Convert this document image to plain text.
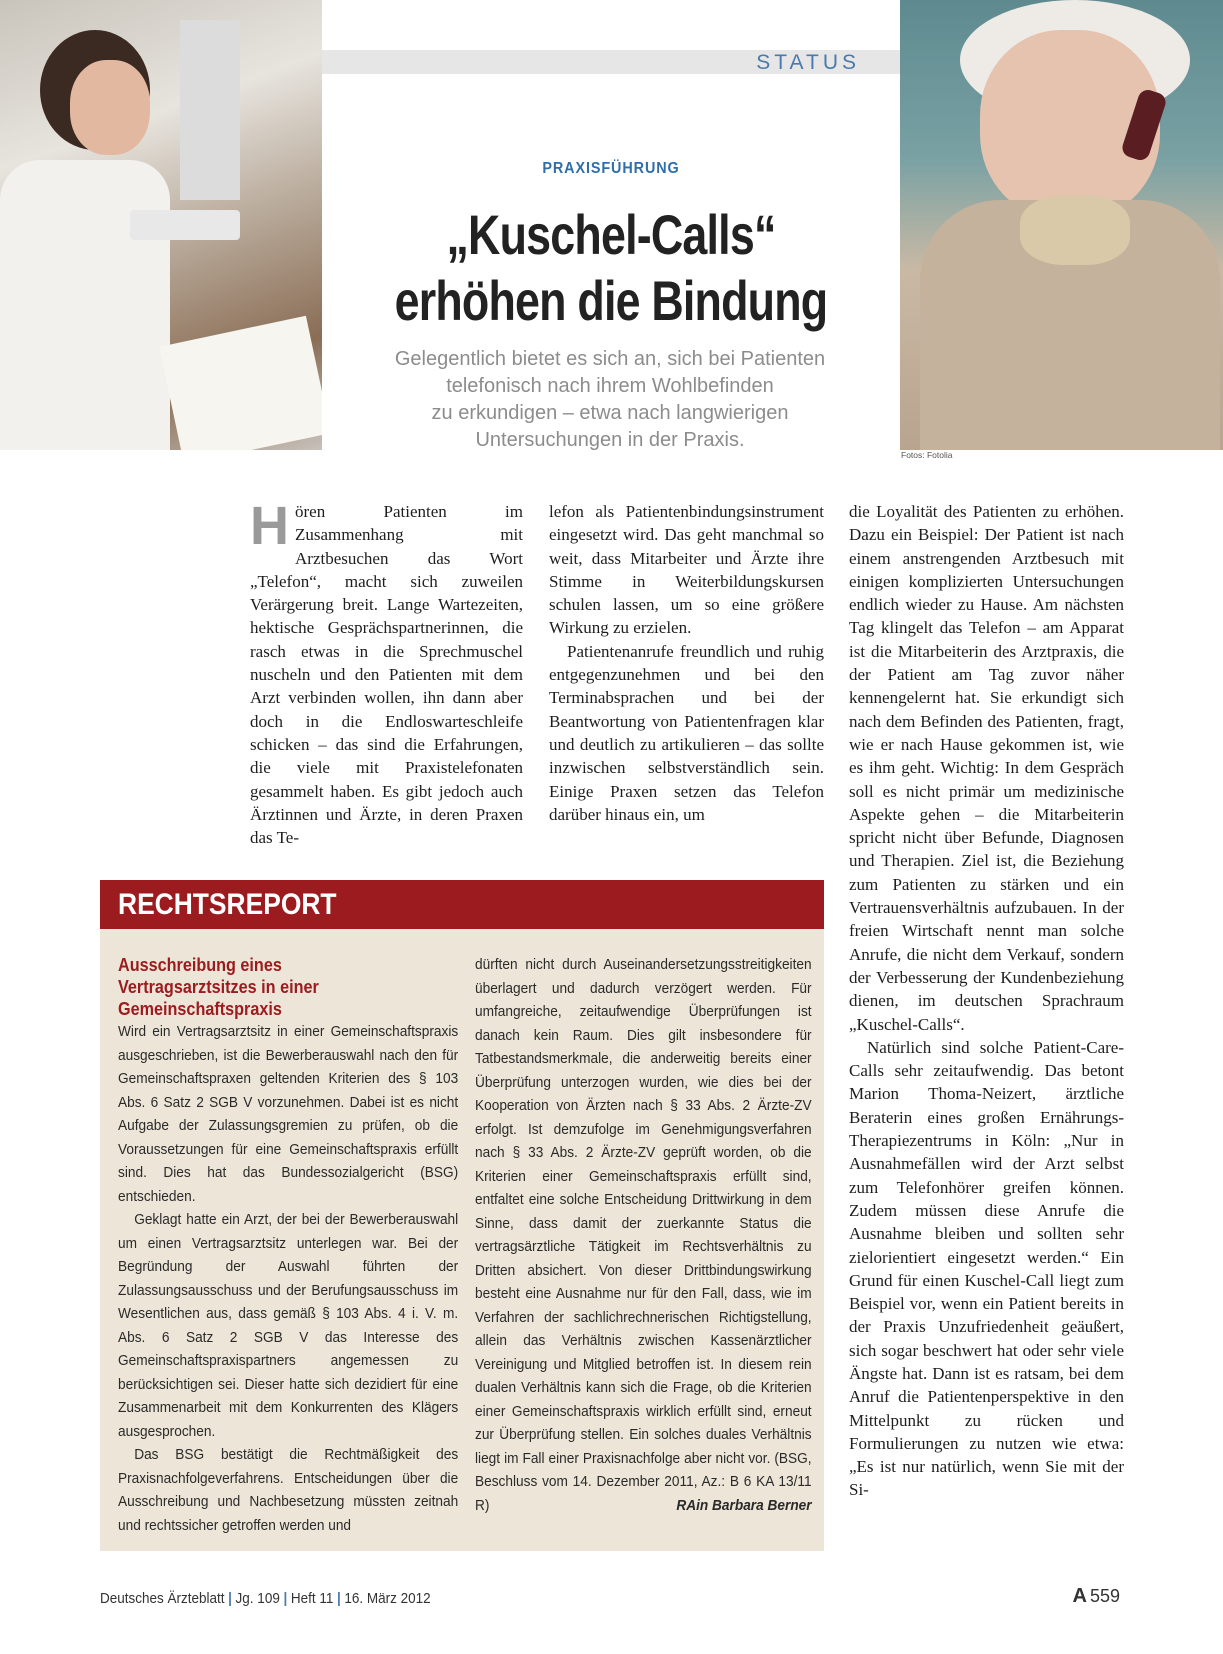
STATUS
PRAXISFÜHRUNG
„Kuschel-Calls“
erhöhen die Bindung
Gelegentlich bietet es sich an, sich bei Patienten
telefonisch nach ihrem Wohlbefinden
zu erkundigen – etwa nach langwierigen
Untersuchungen in der Praxis.
Fotos: Fotolia
H ören Patienten im Zusammenhang mit Arztbesuchen das Wort „Telefon“, macht sich zuweilen Verärgerung breit. Lange Wartezeiten, hektische Gesprächspartnerinnen, die rasch etwas in die Sprechmuschel nuscheln und den Patienten mit dem Arzt verbinden wollen, ihn dann aber doch in die Endloswarteschleife schicken – das sind die Erfahrungen, die viele mit Praxistelefonaten gesammelt haben. Es gibt jedoch auch Ärztinnen und Ärzte, in deren Praxen das Te-

lefon als Patientenbindungsinstrument eingesetzt wird. Das geht manchmal so weit, dass Mitarbeiter und Ärzte ihre Stimme in Weiterbildungskursen schulen lassen, um so eine größere Wirkung zu erzielen.

Patientenanrufe freundlich und ruhig entgegenzunehmen und bei den Terminabsprachen und bei der Beantwortung von Patientenfragen klar und deutlich zu artikulieren – das sollte inzwischen selbstverständlich sein. Einige Praxen setzen das Telefon darüber hinaus ein, um

die Loyalität des Patienten zu erhöhen. Dazu ein Beispiel: Der Patient ist nach einem anstrengenden Arztbesuch mit einigen komplizierten Untersuchungen endlich wieder zu Hause. Am nächsten Tag klingelt das Telefon – am Apparat ist die Mitarbeiterin des Arztpraxis, die der Patient am Tag zuvor näher kennengelernt hat. Sie erkundigt sich nach dem Befinden des Patienten, fragt, wie er nach Hause gekommen ist, wie es ihm geht. Wichtig: In dem Gespräch soll es nicht primär um medizinische Aspekte gehen – die Mitarbeiterin spricht nicht über Befunde, Diagnosen und Therapien. Ziel ist, die Beziehung zum Patienten zu stärken und ein Vertrauensverhältnis aufzubauen. In der freien Wirtschaft nennt man solche Anrufe, die nicht dem Verkauf, sondern der Verbesserung der Kundenbeziehung dienen, im deutschen Sprachraum „Kuschel-Calls“.

Natürlich sind solche Patient-Care-Calls sehr zeitaufwendig. Das betont Marion Thoma-Neizert, ärztliche Beraterin eines großen Ernährungs-Therapiezentrums in Köln: „Nur in Ausnahmefällen wird der Arzt selbst zum Telefonhörer greifen können. Zudem müssen diese Anrufe die Ausnahme bleiben und sollten sehr zielorientiert eingesetzt werden.“ Ein Grund für einen Kuschel-Call liegt zum Beispiel vor, wenn ein Patient bereits in der Praxis Unzufriedenheit geäußert, sich sogar beschwert hat oder sehr viele Ängste hat. Dann ist es ratsam, bei dem Anruf die Patientenperspektive in den Mittelpunkt zu rücken und Formulierungen zu nutzen wie etwa: „Es ist nur natürlich, wenn Sie mit der Si-

RECHTSREPORT
Ausschreibung eines Vertragsarztsitzes in einer Gemeinschaftspraxis

Wird ein Vertragsarztsitz in einer Gemeinschaftspraxis ausgeschrieben, ist die Bewerberauswahl nach den für Gemeinschaftspraxen geltenden Kriterien des § 103 Abs. 6 Satz 2 SGB V vorzunehmen. Dabei ist es nicht Aufgabe der Zulassungsgremien zu prüfen, ob die Voraussetzungen für eine Gemeinschaftspraxis erfüllt sind. Dies hat das Bundessozialgericht (BSG) entschieden.

Geklagt hatte ein Arzt, der bei der Bewerberauswahl um einen Vertragsarztsitz unterlegen war. Bei der Begründung der Auswahl führten der Zulassungsausschuss und der Berufungsausschuss im Wesentlichen aus, dass gemäß § 103 Abs. 4 i. V. m. Abs. 6 Satz 2 SGB V das Interesse des Gemeinschaftspraxispartners angemessen zu berücksichtigen sei. Dieser hatte sich dezidiert für eine Zusammenarbeit mit dem Konkurrenten des Klägers ausgesprochen.

Das BSG bestätigt die Rechtmäßigkeit des Praxisnachfolgeverfahrens. Entscheidungen über die Ausschreibung und Nachbesetzung müssten zeitnah und rechtssicher getroffen werden und

dürften nicht durch Auseinandersetzungsstreitigkeiten überlagert und dadurch verzögert werden. Für umfangreiche, zeitaufwendige Überprüfungen ist danach kein Raum. Dies gilt insbesondere für Tatbestandsmerkmale, die anderweitig bereits einer Überprüfung unterzogen wurden, wie dies bei der Kooperation von Ärzten nach § 33 Abs. 2 Ärzte-ZV erfolgt. Ist demzufolge im Genehmigungsverfahren nach § 33 Abs. 2 Ärzte-ZV geprüft worden, ob die Kriterien einer Gemeinschaftspraxis erfüllt sind, entfaltet eine solche Entscheidung Drittwirkung in dem Sinne, dass damit der zuerkannte Status die vertragsärztliche Tätigkeit im Rechtsverhältnis zu Dritten absichert. Von dieser Drittbindungswirkung besteht eine Ausnahme nur für den Fall, dass, wie im Verfahren der sachlichrechnerischen Richtigstellung, allein das Verhältnis zwischen Kassenärztlicher Vereinigung und Mitglied betroffen ist. In diesem rein dualen Verhältnis kann sich die Frage, ob die Kriterien einer Gemeinschaftspraxis wirklich erfüllt sind, erneut zur Überprüfung stellen. Ein solches duales Verhältnis liegt im Fall einer Praxisnachfolge aber nicht vor. (BSG, Beschluss vom 14. Dezember 2011, Az.: B 6 KA 13/11 R)	RAin Barbara Berner

Deutsches Ärzteblatt | Jg. 109 | Heft 11 | 16. März 2012	A 559
